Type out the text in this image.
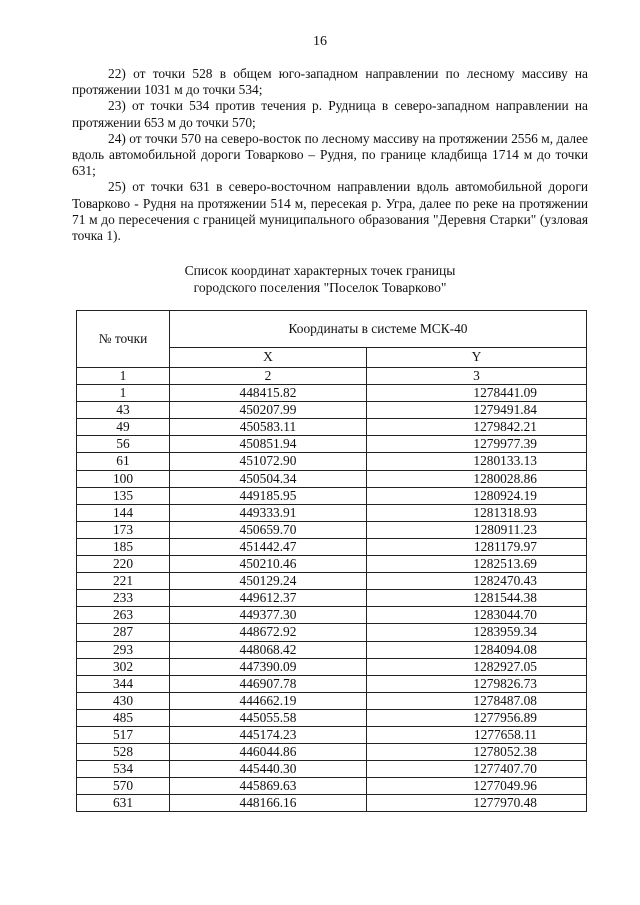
16

22) от точки 528 в общем юго-западном направлении по лесному массиву на протяжении 1031 м до точки 534;

23) от точки 534 против течения р. Рудница в северо-западном направлении на протяжении 653 м до точки 570;

24) от точки 570 на северо-восток по лесному массиву на протяжении 2556 м, далее вдоль автомобильной дороги Товарково – Рудня, по границе кладбища 1714 м до точки 631;

25) от точки 631 в северо-восточном направлении вдоль автомобильной дороги Товарково - Рудня на протяжении 514 м, пересекая р. Угра, далее по реке на протяжении 71 м до пересечения с границей муниципального образования "Деревня Старки" (узловая точка 1).

Список координат характерных точек границы
городского поселения "Поселок Товарково"
№ точки	Координаты в системе МСК-40	
	X	Y
1	2	3
1	448415.82	1278441.09
43	450207.99	1279491.84
49	450583.11	1279842.21
56	450851.94	1279977.39
61	451072.90	1280133.13
100	450504.34	1280028.86
135	449185.95	1280924.19
144	449333.91	1281318.93
173	450659.70	1280911.23
185	451442.47	1281179.97
220	450210.46	1282513.69
221	450129.24	1282470.43
233	449612.37	1281544.38
263	449377.30	1283044.70
287	448672.92	1283959.34
293	448068.42	1284094.08
302	447390.09	1282927.05
344	446907.78	1279826.73
430	444662.19	1278487.08
485	445055.58	1277956.89
517	445174.23	1277658.11
528	446044.86	1278052.38
534	445440.30	1277407.70
570	445869.63	1277049.96
631	448166.16	1277970.48
